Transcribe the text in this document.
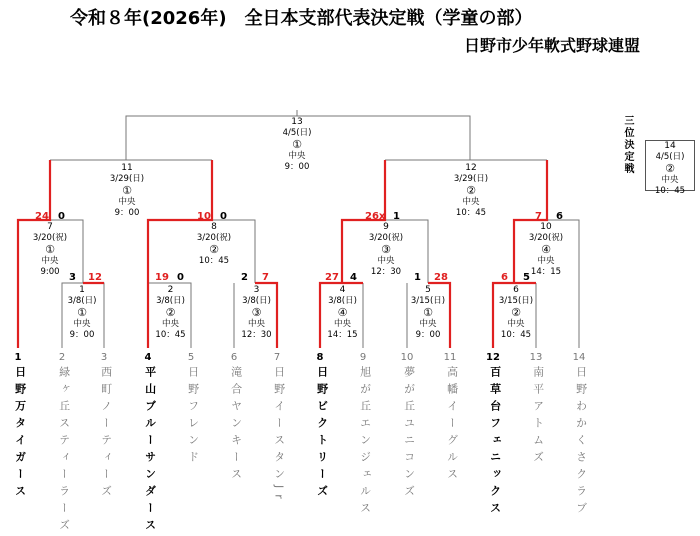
令和８年(2026年)　全日本支部代表決定戦（学童の部）
日野市少年軟式野球連盟
1
3/8(日)
①
中央
9：00
2
3/8(日)
②
中央
10：45
3
3/8(日)
③
中央
12：30
4
3/8(日)
④
中央
14：15
5
3/15(日)
①
中央
9：00
6
3/15(日)
②
中央
10：45
7
3/20(祝)
①
中央
9:00
8
3/20(祝)
②
10：45
9
3/20(祝)
③
中央
12：30
10
3/20(祝)
④
中央
14：15
11
3/29(日)
①
中央
9：00
12
3/29(日)
②
中央
10：45
13
4/5(日)
①
中央
9：00	三位決定戦	14
4/5(日)
②
中央
10：45
3 12	19 0	2 7	27 4	1 28	6 5
24 0	10 0	26x 1	7 6
1
日野万タイガース
2
緑ヶ丘スティーラーズ
3
西町ノーティーズ
4
平山ブルーサンダース
5
日野フレンド
6
滝合ヤンキース
7
日野イースタンJr
8
日野ビクトリーズ
9
旭が丘エンジェルス
10
夢が丘ユニコンズ
11
高幡イーグルス
12
百草台フェニックス
13
南平アトムズ
14
日野わかくさクラブ
